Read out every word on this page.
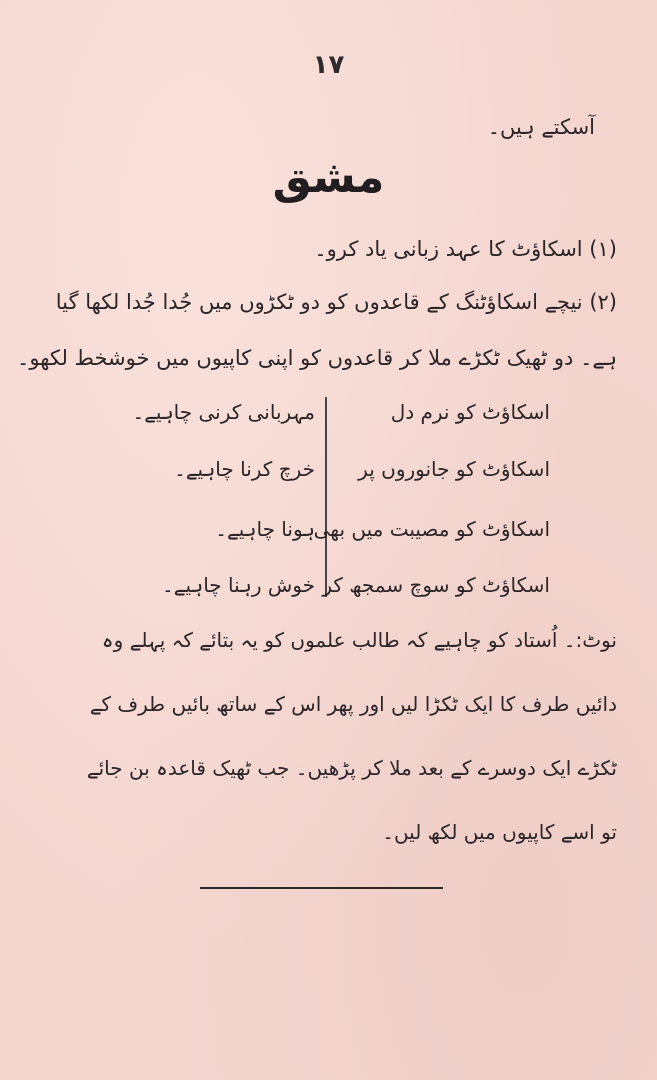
۱۷
آسکتے ہیں۔
مشق
(۱) اسکاؤٹ کا عہد زبانی یاد کرو۔
(۲) نیچے اسکاؤٹنگ کے قاعدوں کو دو ٹکڑوں میں جُدا جُدا لکھا گیا
ہے۔ دو ٹھیک ٹکڑے ملا کر قاعدوں کو اپنی کاپیوں میں خوشخط لکھو۔
اسکاؤٹ کو نرم دل
اسکاؤٹ کو جانوروں پر
اسکاؤٹ کو مصیبت میں بھی
اسکاؤٹ کو سوچ سمجھ کر
مہربانی کرنی چاہیے۔
خرچ کرنا چاہیے۔
ہونا چاہیے۔
خوش رہنا چاہیے۔
نوٹ:۔ اُستاد کو چاہیے کہ طالب علموں کو یہ بتائے کہ پہلے وہ
دائیں طرف کا ایک ٹکڑا لیں اور پھر اس کے ساتھ بائیں طرف کے
ٹکڑے ایک دوسرے کے بعد ملا کر پڑھیں۔ جب ٹھیک قاعدہ بن جائے
تو اسے کاپیوں میں لکھ لیں۔
